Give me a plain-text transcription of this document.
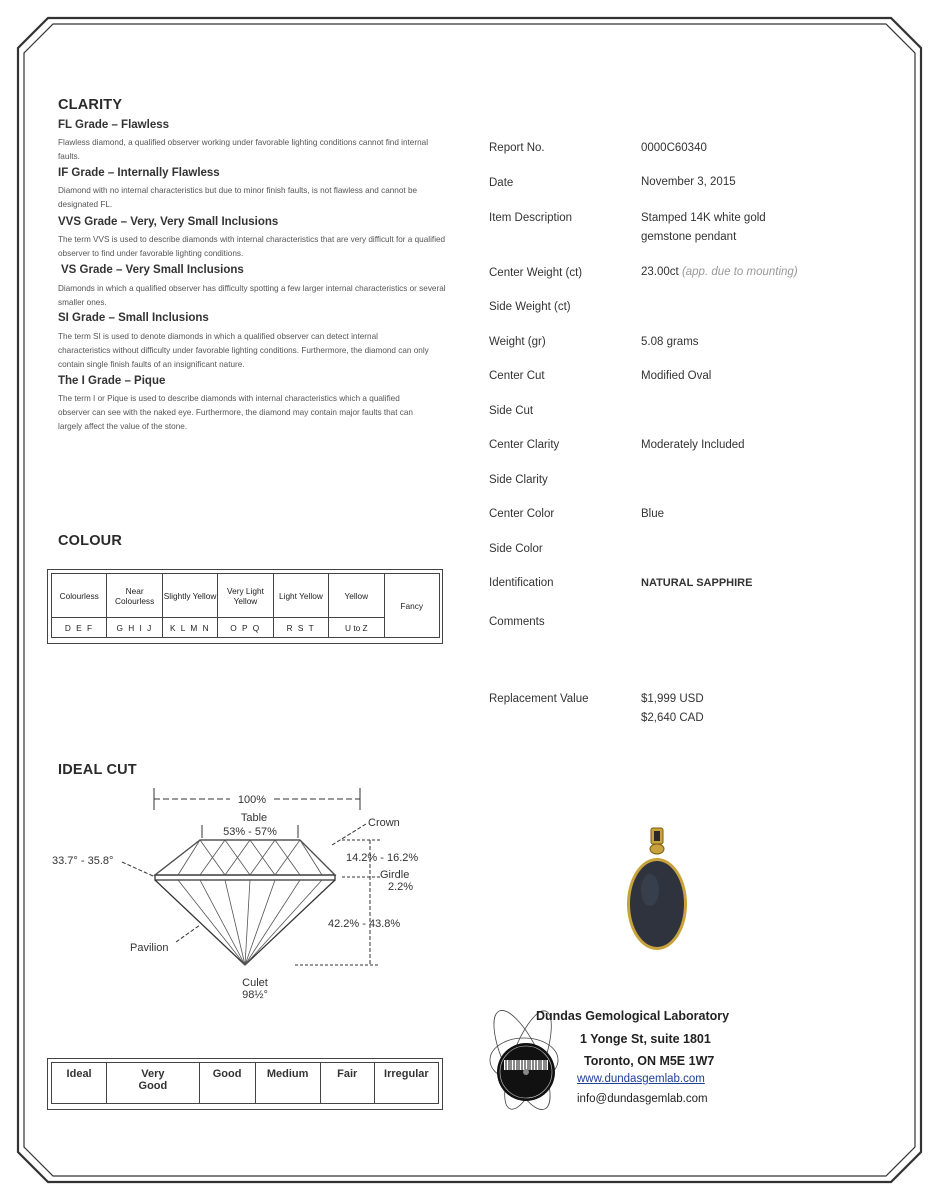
CLARITY

FL Grade – Flawless

Flawless diamond, a qualified observer working under favorable lighting conditions cannot find internal faults.

IF Grade – Internally Flawless

Diamond with no internal characteristics but due to minor finish faults, is not flawless and cannot be designated FL.

VVS Grade – Very, Very Small Inclusions

The term VVS is used to describe diamonds with internal characteristics that are very difficult for a qualified observer to find under favorable lighting conditions.

VS Grade – Very Small Inclusions

Diamonds in which a qualified observer has difficulty spotting a few larger internal characteristics or several smaller ones.

SI Grade – Small Inclusions

The term SI is used to denote diamonds in which a qualified observer can detect internal characteristics without difficulty under favorable lighting conditions. Furthermore, the diamond can only contain single finish faults of an insignificant nature.

The I Grade – Pique

The term I or Pique is used to describe diamonds with internal characteristics which a qualified observer can see with the naked eye. Furthermore, the diamond may contain major faults that can largely affect the value of the stone.

COLOUR
Colourless	Near Colourless	Slightly Yellow	Very Light Yellow	Light Yellow	Yellow	Fancy
D E F	G H I J	K L M N	O P Q	R S T	U to Z	
IDEAL CUT
100%
Table
53% - 57%
Crown
33.7° - 35.8°	14.2% - 16.2%
Girdle
2.2%
42.2% - 43.8%
Pavilion
Culet
98½°
Ideal	Very Good	Good	Medium	Fair	Irregular
Report No.	0000C60340
Date	November 3, 2015
Item Description	Stamped 14K white gold
gemstone pendant
Center Weight (ct)	23.00ct (app. due to mounting)
Side Weight (ct)
Weight (gr)	5.08 grams
Center Cut	Modified Oval
Side Cut
Center Clarity	Moderately Included
Side Clarity
Center Color	Blue
Side Color
Identification	NATURAL SAPPHIRE
Comments
Replacement Value	$1,999 USD
$2,640 CAD
Dundas Gemological Laboratory
1 Yonge St, suite 1801
Toronto, ON M5E 1W7
www.dundasgemlab.com
info@dundasgemlab.com
